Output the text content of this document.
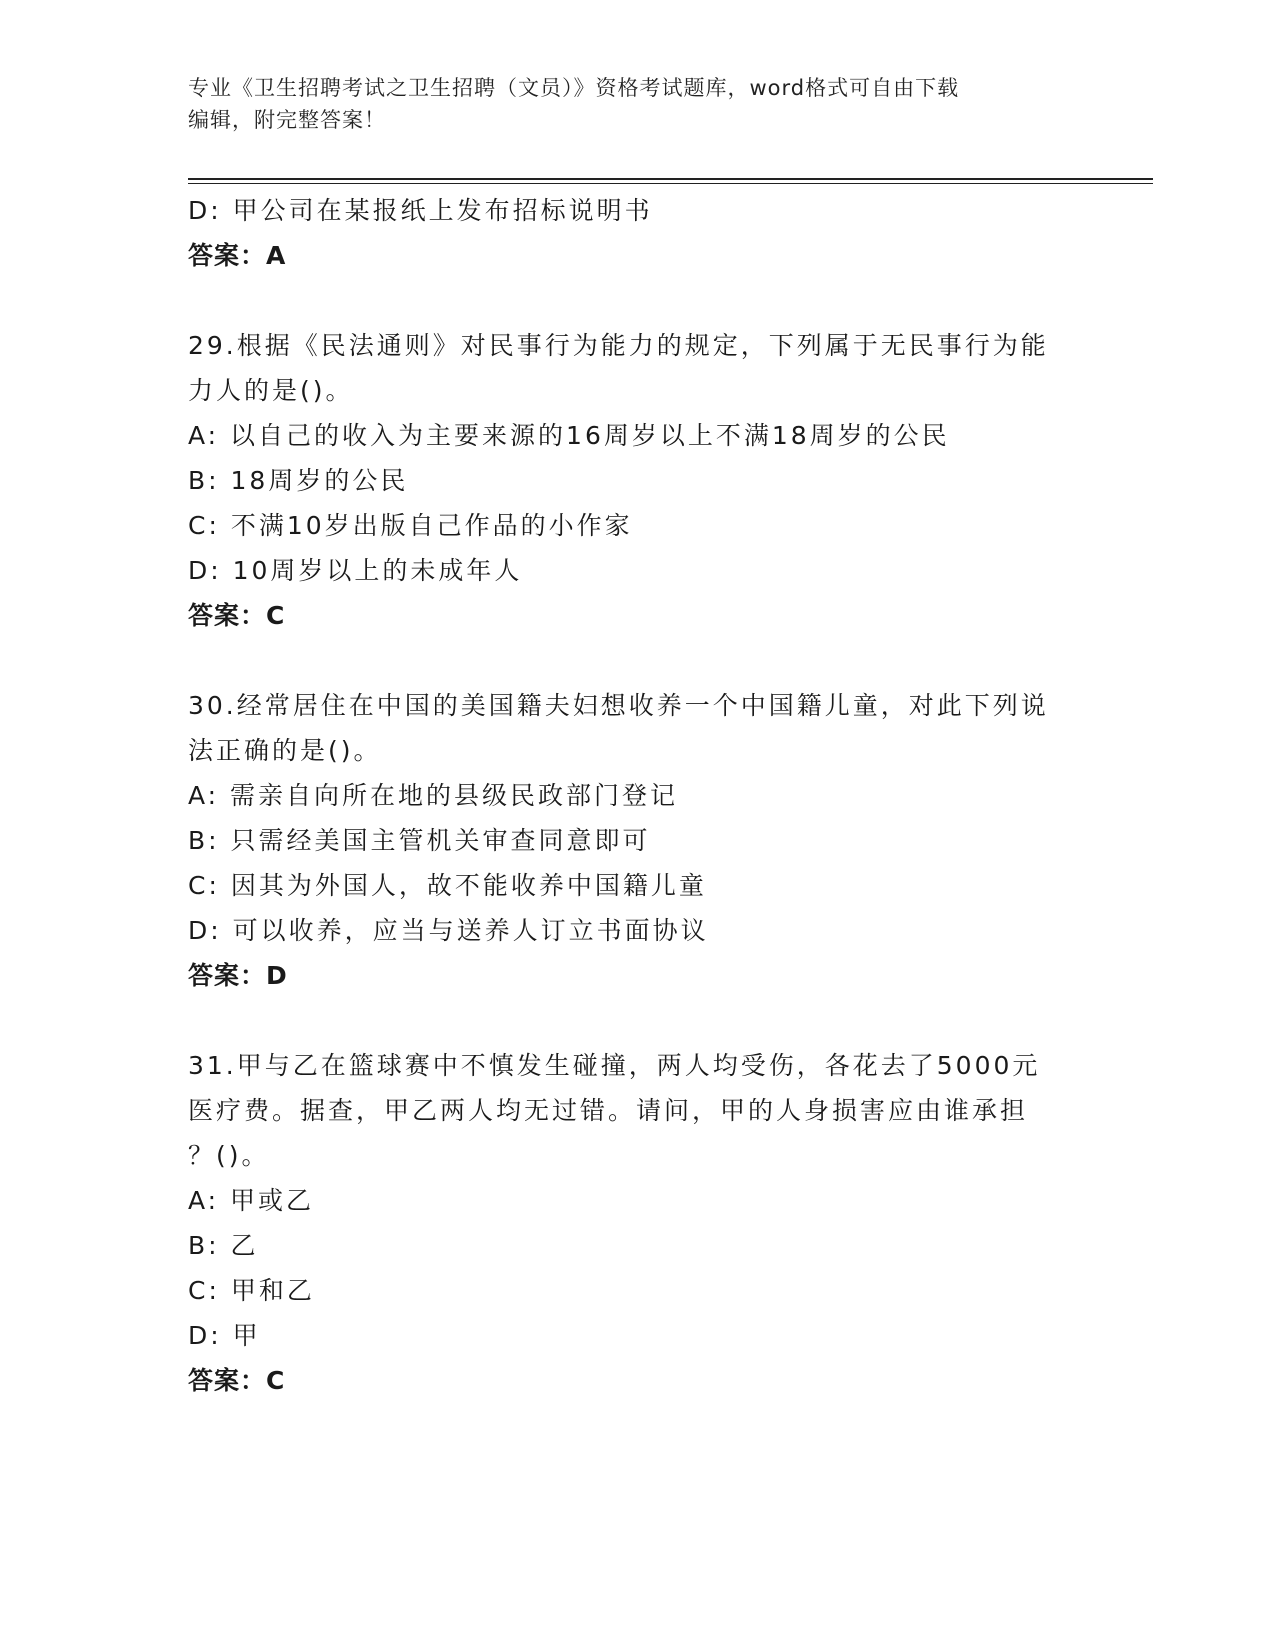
专业《卫生招聘考试之卫生招聘（文员）》资格考试题库，word格式可自由下载
编辑，附完整答案！
D: 甲公司在某报纸上发布招标说明书
答案：A
29.根据《民法通则》对民事行为能力的规定，下列属于无民事行为能
力人的是()。
A: 以自己的收入为主要来源的16周岁以上不满18周岁的公民
B: 18周岁的公民
C: 不满10岁出版自己作品的小作家
D: 10周岁以上的未成年人
答案：C
30.经常居住在中国的美国籍夫妇想收养一个中国籍儿童，对此下列说
法正确的是()。
A: 需亲自向所在地的县级民政部门登记
B: 只需经美国主管机关审查同意即可
C: 因其为外国人，故不能收养中国籍儿童
D: 可以收养，应当与送养人订立书面协议
答案：D
31.甲与乙在篮球赛中不慎发生碰撞，两人均受伤，各花去了5000元
医疗费。据查，甲乙两人均无过错。请问，甲的人身损害应由谁承担
？()。
A: 甲或乙
B: 乙
C: 甲和乙
D: 甲
答案：C
